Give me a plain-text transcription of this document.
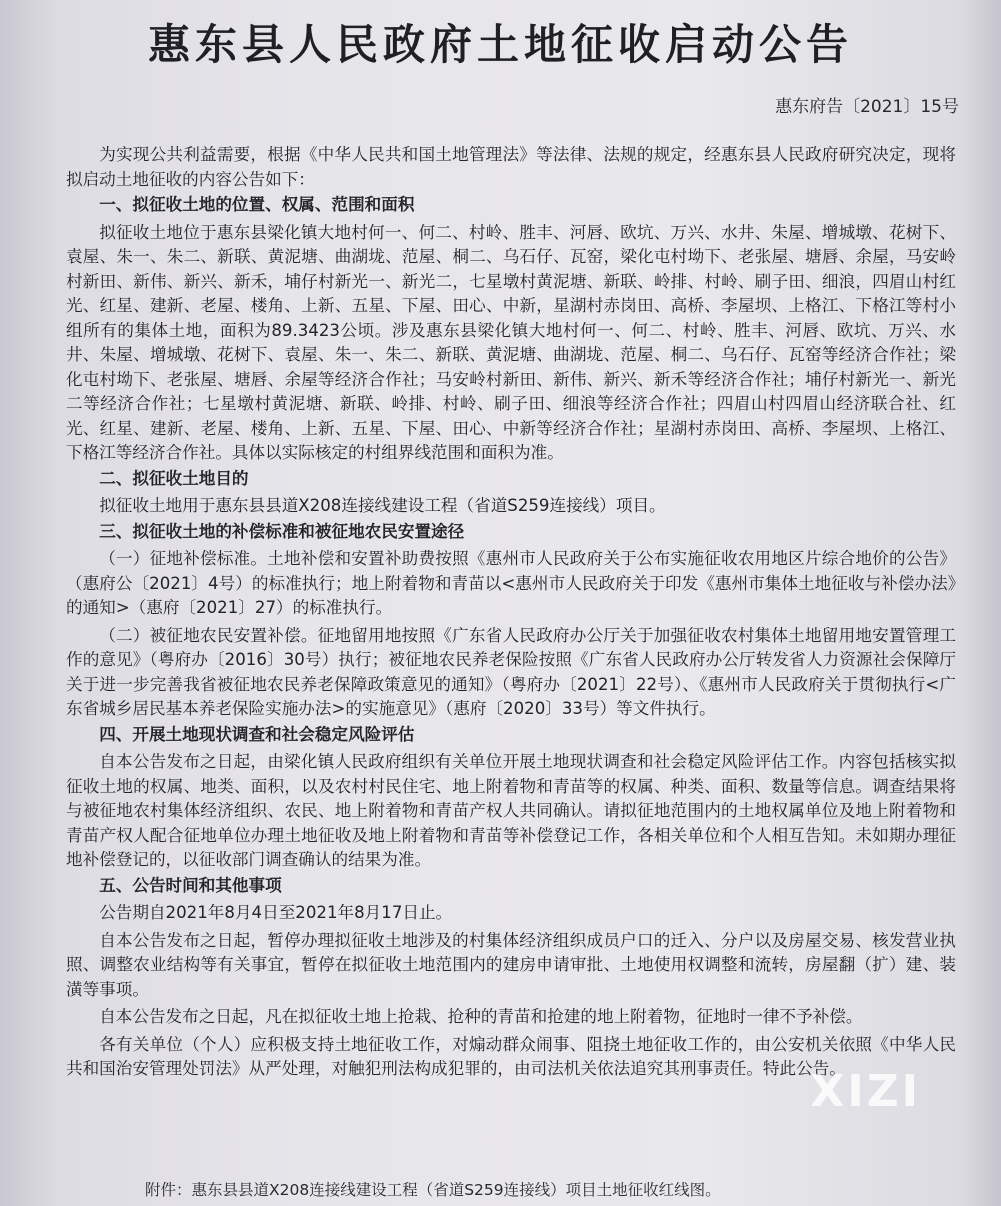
惠东县人民政府土地征收启动公告
惠东府告〔2021〕15号

为实现公共利益需要，根据《中华人民共和国土地管理法》等法律、法规的规定，经惠东县人民政府研究决定，现将拟启动土地征收的内容公告如下：

一、拟征收土地的位置、权属、范围和面积

拟征收土地位于惠东县梁化镇大地村何一、何二、村岭、胜丰、河唇、欧坑、万兴、水井、朱屋、增城墩、花树下、袁屋、朱一、朱二、新联、黄泥塘、曲湖垅、范屋、桐二、乌石仔、瓦窑，梁化屯村坳下、老张屋、塘唇、余屋，马安岭村新田、新伟、新兴、新禾，埔仔村新光一、新光二，七星墩村黄泥塘、新联、岭排、村岭、刷子田、细浪，四眉山村红光、红星、建新、老屋、楼角、上新、五星、下屋、田心、中新，星湖村赤岗田、高桥、李屋坝、上格江、下格江等村小组所有的集体土地，面积为89.3423公顷。涉及惠东县梁化镇大地村何一、何二、村岭、胜丰、河唇、欧坑、万兴、水井、朱屋、增城墩、花树下、袁屋、朱一、朱二、新联、黄泥塘、曲湖垅、范屋、桐二、乌石仔、瓦窑等经济合作社；梁化屯村坳下、老张屋、塘唇、余屋等经济合作社；马安岭村新田、新伟、新兴、新禾等经济合作社；埔仔村新光一、新光二等经济合作社；七星墩村黄泥塘、新联、岭排、村岭、刷子田、细浪等经济合作社；四眉山村四眉山经济联合社、红光、红星、建新、老屋、楼角、上新、五星、下屋、田心、中新等经济合作社；星湖村赤岗田、高桥、李屋坝、上格江、下格江等经济合作社。具体以实际核定的村组界线范围和面积为准。

二、拟征收土地目的

拟征收土地用于惠东县县道X208连接线建设工程（省道S259连接线）项目。

三、拟征收土地的补偿标准和被征地农民安置途径

（一）征地补偿标准。土地补偿和安置补助费按照《惠州市人民政府关于公布实施征收农用地区片综合地价的公告》（惠府公〔2021〕4号）的标准执行；地上附着物和青苗以<惠州市人民政府关于印发《惠州市集体土地征收与补偿办法》的通知>（惠府〔2021〕27）的标准执行。

（二）被征地农民安置补偿。征地留用地按照《广东省人民政府办公厅关于加强征收农村集体土地留用地安置管理工作的意见》（粤府办〔2016〕30号）执行；被征地农民养老保险按照《广东省人民政府办公厅转发省人力资源社会保障厅关于进一步完善我省被征地农民养老保障政策意见的通知》（粤府办〔2021〕22号）、《惠州市人民政府关于贯彻执行<广东省城乡居民基本养老保险实施办法>的实施意见》（惠府〔2020〕33号）等文件执行。

四、开展土地现状调查和社会稳定风险评估

自本公告发布之日起，由梁化镇人民政府组织有关单位开展土地现状调查和社会稳定风险评估工作。内容包括核实拟征收土地的权属、地类、面积，以及农村村民住宅、地上附着物和青苗等的权属、种类、面积、数量等信息。调查结果将与被征地农村集体经济组织、农民、地上附着物和青苗产权人共同确认。请拟征地范围内的土地权属单位及地上附着物和青苗产权人配合征地单位办理土地征收及地上附着物和青苗等补偿登记工作，各相关单位和个人相互告知。未如期办理征地补偿登记的，以征收部门调查确认的结果为准。

五、公告时间和其他事项

公告期自2021年8月4日至2021年8月17日止。

自本公告发布之日起，暂停办理拟征收土地涉及的村集体经济组织成员户口的迁入、分户以及房屋交易、核发营业执照、调整农业结构等有关事宜，暂停在拟征收土地范围内的建房申请审批、土地使用权调整和流转，房屋翻（扩）建、装潢等事项。

自本公告发布之日起，凡在拟征收土地上抢栽、抢种的青苗和抢建的地上附着物，征地时一律不予补偿。

各有关单位（个人）应积极支持土地征收工作，对煽动群众闹事、阻挠土地征收工作的，由公安机关依照《中华人民共和国治安管理处罚法》从严处理，对触犯刑法构成犯罪的，由司法机关依法追究其刑事责任。特此公告。

附件：惠东县县道X208连接线建设工程（省道S259连接线）项目土地征收红线图。
XIZI
